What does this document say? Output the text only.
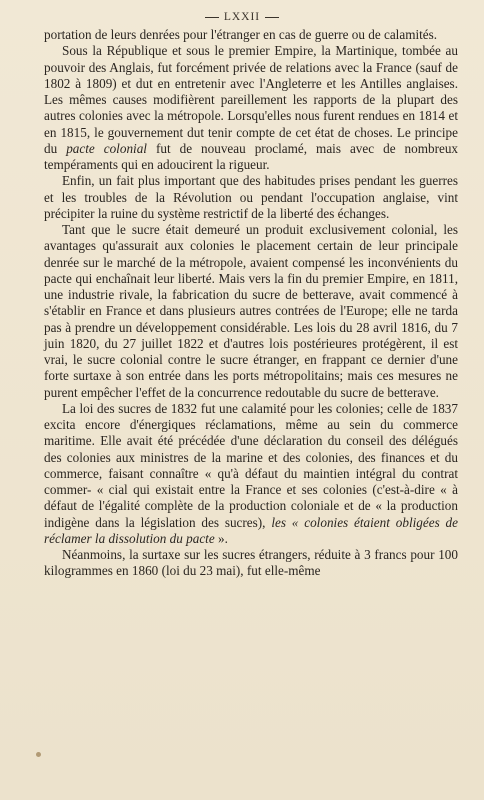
LXXII

portation de leurs denrées pour l'étranger en cas de guerre ou de calamités.

Sous la République et sous le premier Empire, la Martinique, tombée au pouvoir des Anglais, fut forcément privée de relations avec la France (sauf de 1802 à 1809) et dut en entretenir avec l'Angleterre et les Antilles anglaises. Les mêmes causes modifièrent pareillement les rapports de la plupart des autres colonies avec la métropole. Lorsqu'elles nous furent rendues en 1814 et en 1815, le gouvernement dut tenir compte de cet état de choses. Le principe du pacte colonial fut de nouveau proclamé, mais avec de nombreux tempéraments qui en adoucirent la rigueur.

Enfin, un fait plus important que des habitudes prises pendant les guerres et les troubles de la Révolution ou pendant l'occupation anglaise, vint précipiter la ruine du système restrictif de la liberté des échanges.

Tant que le sucre était demeuré un produit exclusivement colonial, les avantages qu'assurait aux colonies le placement certain de leur principale denrée sur le marché de la métropole, avaient compensé les inconvénients du pacte qui enchaînait leur liberté. Mais vers la fin du premier Empire, en 1811, une industrie rivale, la fabrication du sucre de betterave, avait commencé à s'établir en France et dans plusieurs autres contrées de l'Europe; elle ne tarda pas à prendre un développement considérable. Les lois du 28 avril 1816, du 7 juin 1820, du 27 juillet 1822 et d'autres lois postérieures protégèrent, il est vrai, le sucre colonial contre le sucre étranger, en frappant ce dernier d'une forte surtaxe à son entrée dans les ports métropolitains; mais ces mesures ne purent empêcher l'effet de la concurrence redoutable du sucre de betterave.

La loi des sucres de 1832 fut une calamité pour les colonies; celle de 1837 excita encore d'énergiques réclamations, même au sein du commerce maritime. Elle avait été précédée d'une déclaration du conseil des délégués des colonies aux ministres de la marine et des colonies, des finances et du commerce, faisant connaître « qu'à défaut du maintien intégral du contrat commer- « cial qui existait entre la France et ses colonies (c'est-à-dire « à défaut de l'égalité complète de la production coloniale et de « la production indigène dans la législation des sucres), les « colonies étaient obligées de réclamer la dissolution du pacte ».

Néanmoins, la surtaxe sur les sucres étrangers, réduite à 3 francs pour 100 kilogrammes en 1860 (loi du 23 mai), fut elle-même
